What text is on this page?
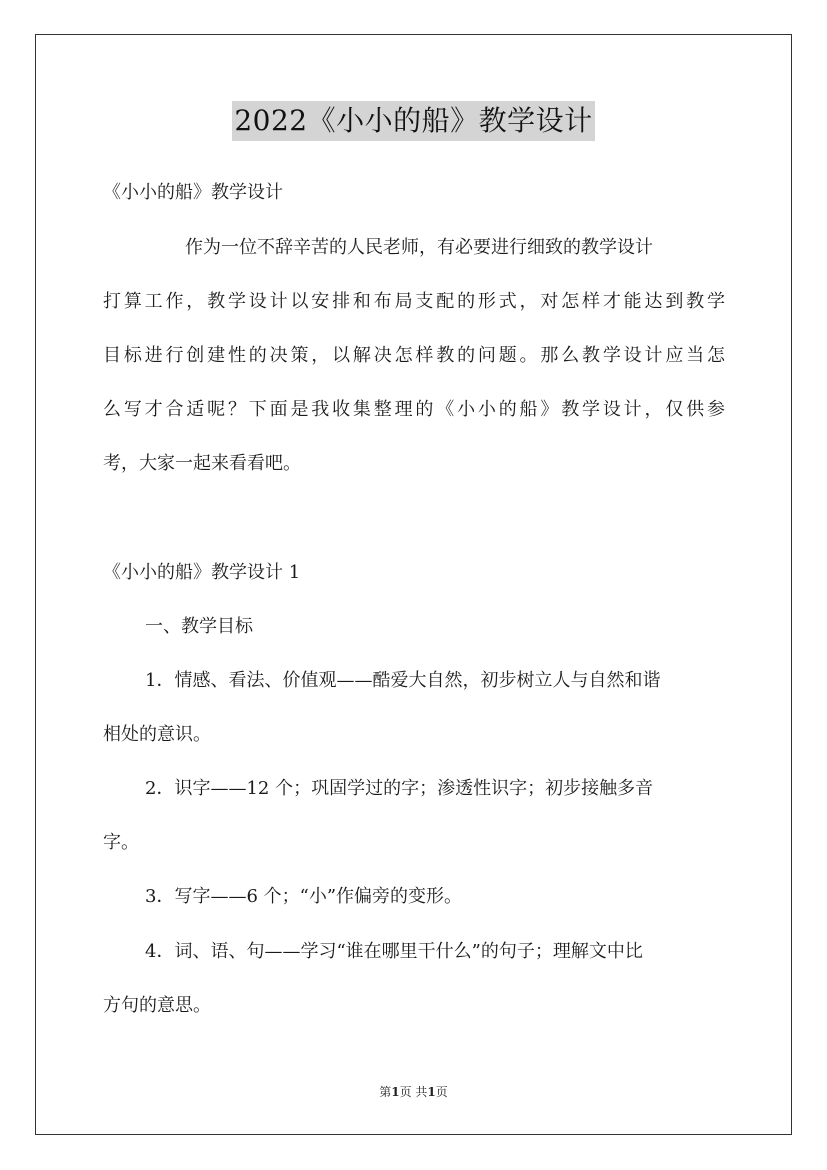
2022《小小的船》教学设计
《小小的船》教学设计
作为一位不辞辛苦的人民老师，有必要进行细致的教学设计
打算工作，教学设计以安排和布局支配的形式，对怎样才能达到教学
目标进行创建性的决策，以解决怎样教的问题。那么教学设计应当怎
么写才合适呢？下面是我收集整理的《小小的船》教学设计，仅供参
考，大家一起来看看吧。
《小小的船》教学设计 1
一、教学目标
1．情感、看法、价值观——酷爱大自然，初步树立人与自然和谐
相处的意识。
2．识字——12 个；巩固学过的字；渗透性识字；初步接触多音
字。
3．写字——6 个；“小”作偏旁的变形。
4．词、语、句——学习“谁在哪里干什么”的句子；理解文中比
方句的意思。
第1页 共1页
